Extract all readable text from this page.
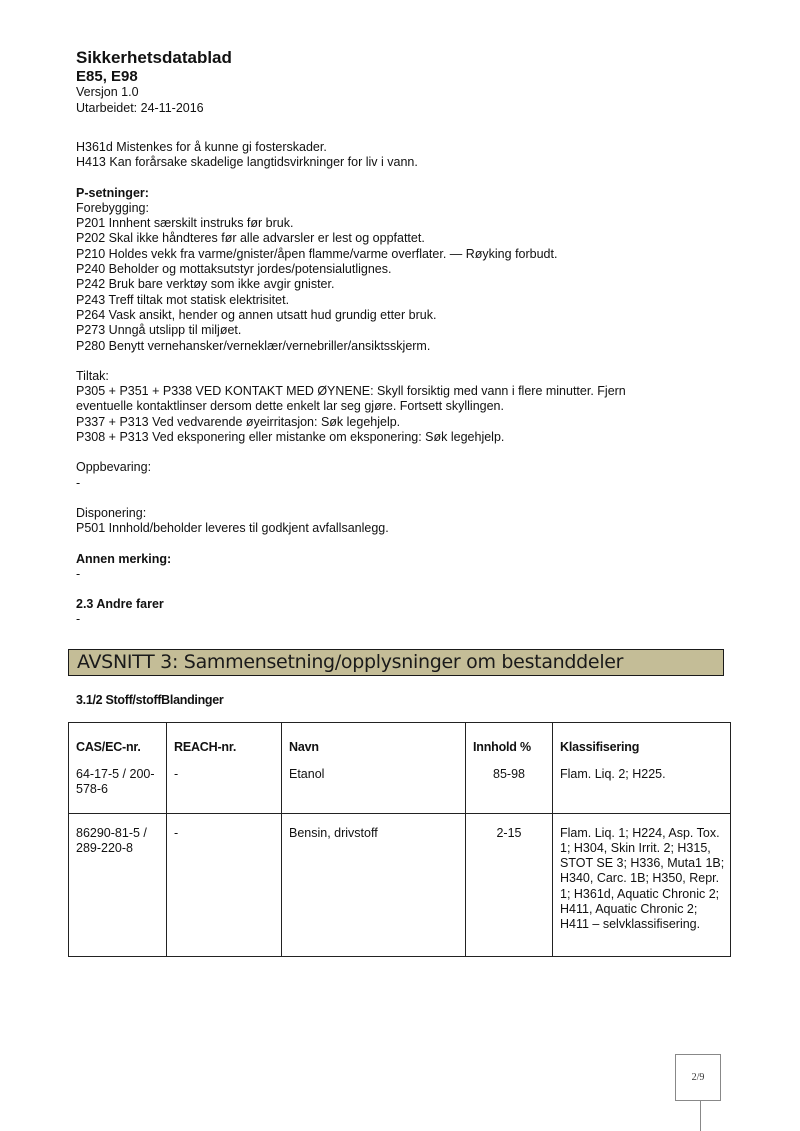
Sikkerhetsdatablad
E85, E98
Versjon 1.0
Utarbeidet: 24-11-2016
H361d Mistenkes for å kunne gi fosterskader.
H413 Kan forårsake skadelige langtidsvirkninger for liv i vann.
P-setninger:
Forebygging:
P201 Innhent særskilt instruks før bruk.
P202 Skal ikke håndteres før alle advarsler er lest og oppfattet.
P210 Holdes vekk fra varme/gnister/åpen flamme/varme overflater. — Røyking forbudt.
P240 Beholder og mottaksutstyr jordes/potensialutlignes.
P242 Bruk bare verktøy som ikke avgir gnister.
P243 Treff tiltak mot statisk elektrisitet.
P264 Vask ansikt, hender og annen utsatt hud grundig etter bruk.
P273 Unngå utslipp til miljøet.
P280 Benytt vernehansker/verneklær/vernebriller/ansiktsskjerm.
Tiltak:
P305 + P351 + P338 VED KONTAKT MED ØYNENE: Skyll forsiktig med vann i flere minutter. Fjern eventuelle kontaktlinser dersom dette enkelt lar seg gjøre. Fortsett skyllingen.
P337 + P313 Ved vedvarende øyeirritasjon: Søk legehjelp.
P308 + P313 Ved eksponering eller mistanke om eksponering: Søk legehjelp.
Oppbevaring:
-
Disponering:
P501 Innhold/beholder leveres til godkjent avfallsanlegg.
Annen merking:
-
2.3 Andre farer
-
AVSNITT 3: Sammensetning/opplysninger om bestanddeler
3.1/2 Stoff/stoffBlandinger
CAS/EC-nr.	REACH-nr.	Navn	Innhold %	Klassifisering
64-17-5 / 200-578-6	-	Etanol	85-98	Flam. Liq. 2; H225.
86290-81-5 / 289-220-8	-	Bensin, drivstoff	2-15	Flam. Liq. 1; H224, Asp. Tox. 1; H304, Skin Irrit. 2; H315, STOT SE 3; H336, Muta1 1B; H340, Carc. 1B; H350, Repr. 1; H361d, Aquatic Chronic 2; H411, Aquatic Chronic 2; H411 – selvklassifisering.
2/9
